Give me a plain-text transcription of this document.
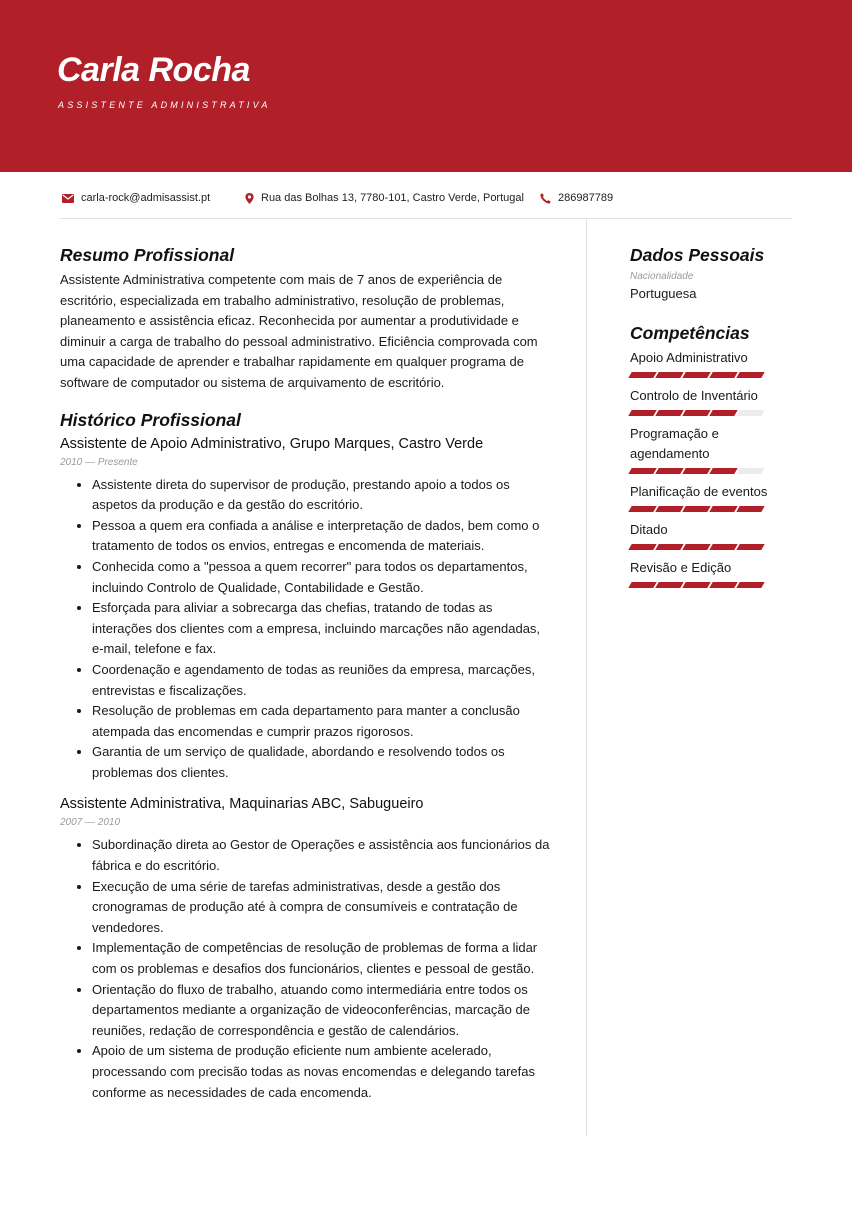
Carla Rocha
ASSISTENTE ADMINISTRATIVA
carla-rock@admisassist.pt	Rua das Bolhas 13, 7780-101, Castro Verde, Portugal	286987789
Resumo Profissional

Assistente Administrativa competente com mais de 7 anos de experiência de escritório, especializada em trabalho administrativo, resolução de problemas, planeamento e assistência eficaz. Reconhecida por aumentar a produtividade e diminuir a carga de trabalho do pessoal administrativo. Eficiência comprovada com uma capacidade de aprender e trabalhar rapidamente em qualquer programa de software de computador ou sistema de arquivamento de escritório.

Histórico Profissional
Assistente de Apoio Administrativo, Grupo Marques, Castro Verde
2010 — Presente
• Assistente direta do supervisor de produção, prestando apoio a todos os aspetos da produção e da gestão do escritório.
• Pessoa a quem era confiada a análise e interpretação de dados, bem como o tratamento de todos os envios, entregas e encomenda de materiais.
• Conhecida como a "pessoa a quem recorrer" para todos os departamentos, incluindo Controlo de Qualidade, Contabilidade e Gestão.
• Esforçada para aliviar a sobrecarga das chefias, tratando de todas as interações dos clientes com a empresa, incluindo marcações não agendadas, e-mail, telefone e fax.
• Coordenação e agendamento de todas as reuniões da empresa, marcações, entrevistas e fiscalizações.
• Resolução de problemas em cada departamento para manter a conclusão atempada das encomendas e cumprir prazos rigorosos.
• Garantia de um serviço de qualidade, abordando e resolvendo todos os problemas dos clientes.
Assistente Administrativa, Maquinarias ABC, Sabugueiro
2007 — 2010
• Subordinação direta ao Gestor de Operações e assistência aos funcionários da fábrica e do escritório.
• Execução de uma série de tarefas administrativas, desde a gestão dos cronogramas de produção até à compra de consumíveis e contratação de vendedores.
• Implementação de competências de resolução de problemas de forma a lidar com os problemas e desafios dos funcionários, clientes e pessoal de gestão.
• Orientação do fluxo de trabalho, atuando como intermediária entre todos os departamentos mediante a organização de videoconferências, marcação de reuniões, redação de correspondência e gestão de calendários.
• Apoio de um sistema de produção eficiente num ambiente acelerado, processando com precisão todas as novas encomendas e delegando tarefas conforme as necessidades de cada encomenda.
Dados Pessoais
Nacionalidade
Portuguesa
Competências
Apoio Administrativo
Controlo de Inventário
Programação e agendamento
Planificação de eventos
Ditado
Revisão e Edição
